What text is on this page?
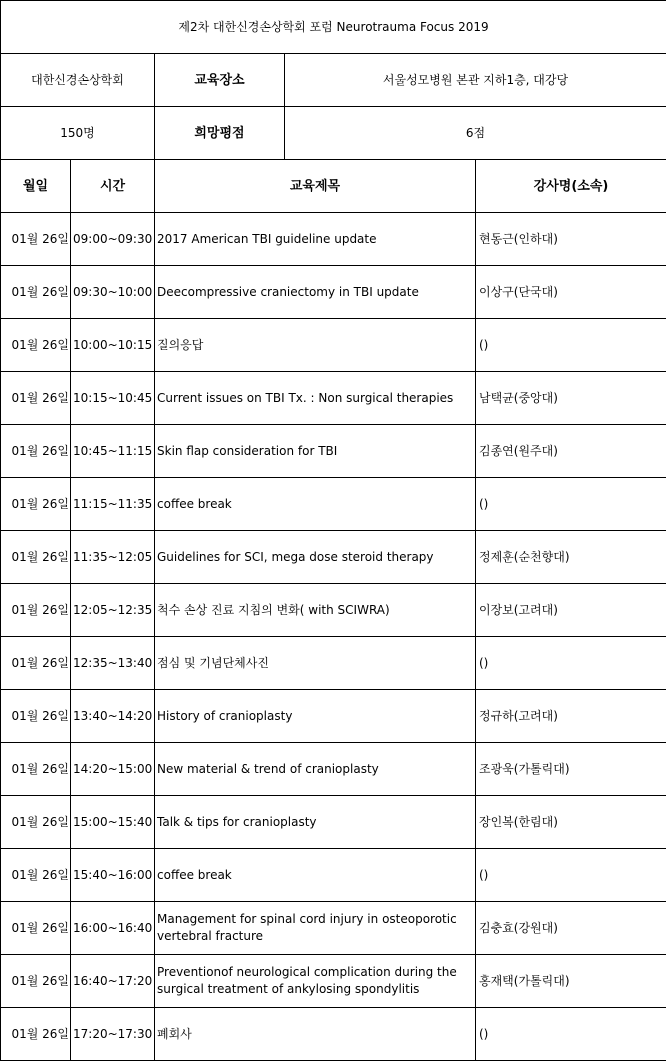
제2차 대한신경손상학회 포럼 Neurotrauma Focus 2019		
대한신경손상학회	교육장소	서울성모병원 본관 지하1층, 대강당
150명	희망평점	6점
월일	시간	교육제목	강사명(소속)
01월 26일	09:00~09:30	2017 American TBI guideline update	현동근(인하대)
01월 26일	09:30~10:00	Deecompressive craniectomy in TBI update	이상구(단국대)
01월 26일	10:00~10:15	질의응답	()
01월 26일	10:15~10:45	Current issues on TBI Tx. : Non surgical therapies	남택균(중앙대)
01월 26일	10:45~11:15	Skin flap consideration for TBI	김종연(원주대)
01월 26일	11:15~11:35	coffee break	()
01월 26일	11:35~12:05	Guidelines for SCI, mega dose steroid therapy	정제훈(순천향대)
01월 26일	12:05~12:35	척수 손상 진료 지침의 변화( with SCIWRA)	이장보(고려대)
01월 26일	12:35~13:40	점심 및 기념단체사진	()
01월 26일	13:40~14:20	History of cranioplasty	정규하(고려대)
01월 26일	14:20~15:00	New material & trend of cranioplasty	조광욱(가톨릭대)
01월 26일	15:00~15:40	Talk & tips for cranioplasty	장인복(한림대)
01월 26일	15:40~16:00	coffee break	()
01월 26일	16:00~16:40	Management for spinal cord injury in osteoporotic vertebral fracture	김충효(강원대)
01월 26일	16:40~17:20	Preventionof neurological complication during the surgical treatment of ankylosing spondylitis	홍재택(가톨릭대)
01월 26일	17:20~17:30	폐회사	()
